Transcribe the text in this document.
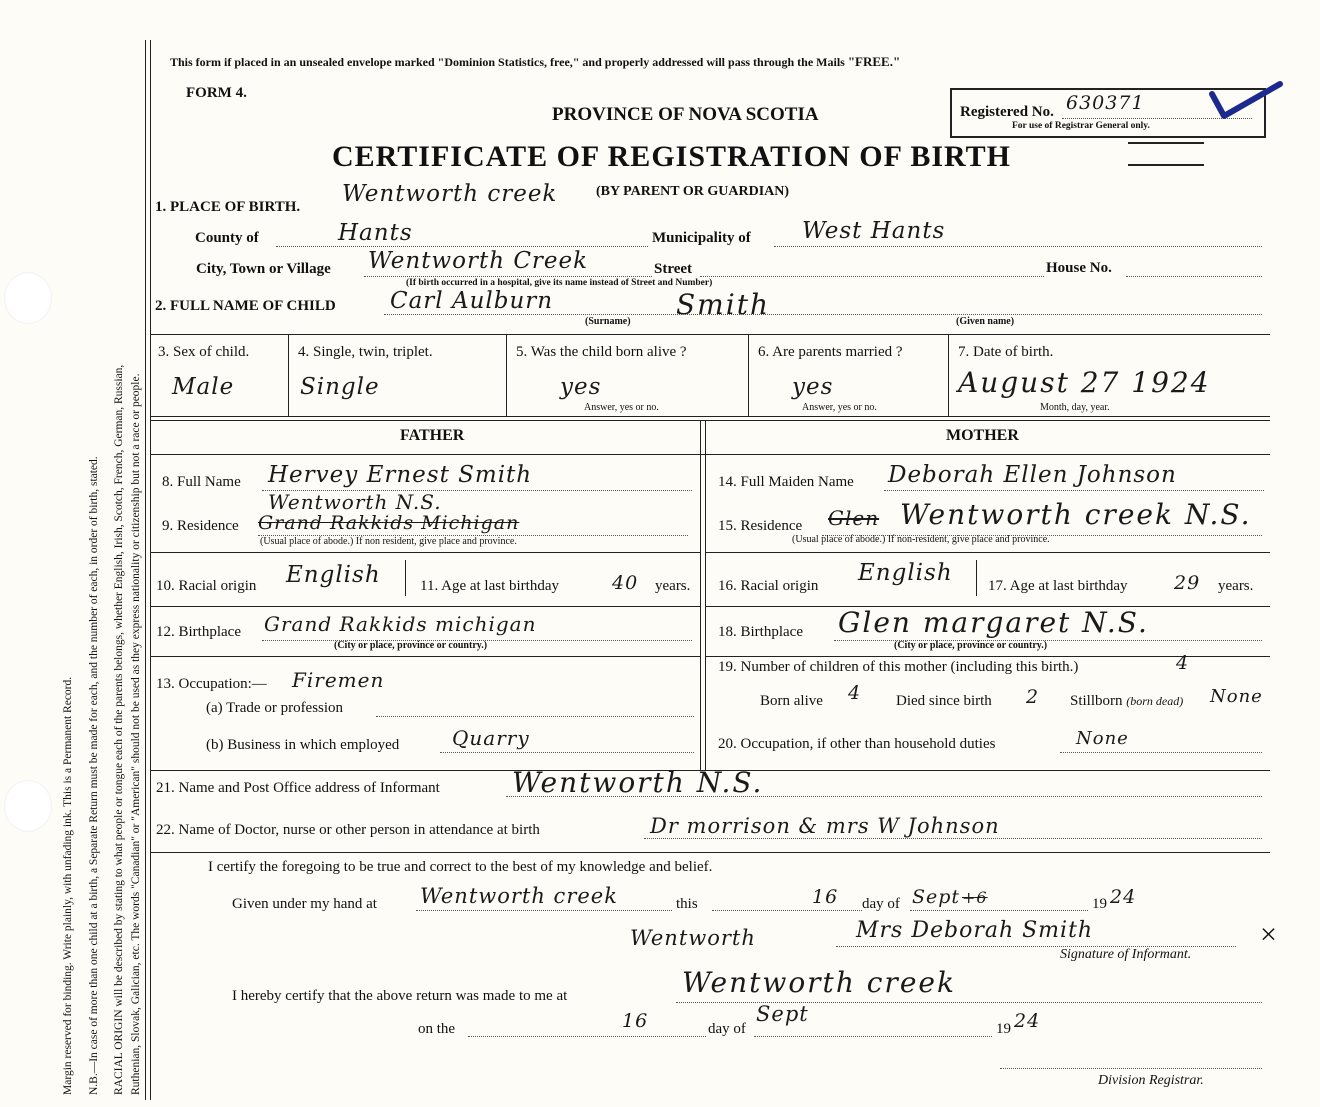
Margin reserved for binding. Write plainly, with unfading ink. This is a Permanent Record. N.B.—In case of more than one child at a birth, a Separate Return must be made for each, and the number of each, in order of birth, stated. RACIAL ORIGIN will be described by stating to what people or tongue each of the parents belongs, whether English, Irish, Scotch, French, German, Russian, Ruthenian, Slovak, Galician, etc. The words "Canadian" or "American" should not be used as they express nationality or citizenship but not a race or people.
This form if placed in an unsealed envelope marked "Dominion Statistics, free," and properly addressed will pass through the Mails "FREE."
FORM 4.
PROVINCE OF NOVA SCOTIA	Registered No. 630371
For use of Registrar General only.
CERTIFICATE OF REGISTRATION OF BIRTH
1. PLACE OF BIRTH. Wentworth creek	(BY PARENT OR GUARDIAN)
County of	Hants	Municipality of West Hants
City, Town or Village Wentworth Creek	Street	House No.
(If birth occurred in a hospital, give its name instead of Street and Number)
2. FULL NAME OF CHILD Carl Aulburn	Smith
(Surname)	(Given name)
3. Sex of child.
Male
4. Single, twin, triplet.
Single
5. Was the child born alive ?
yes
Answer, yes or no.
6. Are parents married ?
yes
Answer, yes or no.
7. Date of birth.
August 27 1924
Month, day, year.
FATHER	MOTHER
8. Full Name Hervey Ernest Smith
9. Residence
Wentworth N.S.
Grand Rakkids Michigan
(Usual place of abode.) If non resident, give place and province.
10. Racial origin English	11. Age at last birthday	40 years.
12. Birthplace Grand Rakkids michigan
(City or place, province or country.)
13. Occupation:— Firemen
(a) Trade or profession
(b) Business in which employed	Quarry
14. Full Maiden Name Deborah Ellen Johnson
15. Residence Glen Wentworth creek N.S.
(Usual place of abode.) If non-resident, give place and province.
16. Racial origin English 17. Age at last birthday 29 years.
18. Birthplace Glen margaret N.S.
(City or place, province or country.)
19. Number of children of this mother (including this birth.)	4
Born alive 4 Died since birth 2 Stillborn (born dead) None
20. Occupation, if other than household duties	None
21. Name and Post Office address of Informant	Wentworth N.S.
22. Name of Doctor, nurse or other person in attendance at birth	Dr morrison & mrs W Johnson
I certify the foregoing to be true and correct to the best of my knowledge and belief.
Given under my hand at Wentworth creek	this	16 day of Sept +6	19 24
Wentworth	Mrs Deborah Smith	×
Signature of Informant.
I hereby certify that the above return was made to me at	Wentworth creek
on the	16	day of
Sept
19 24
Division Registrar.
